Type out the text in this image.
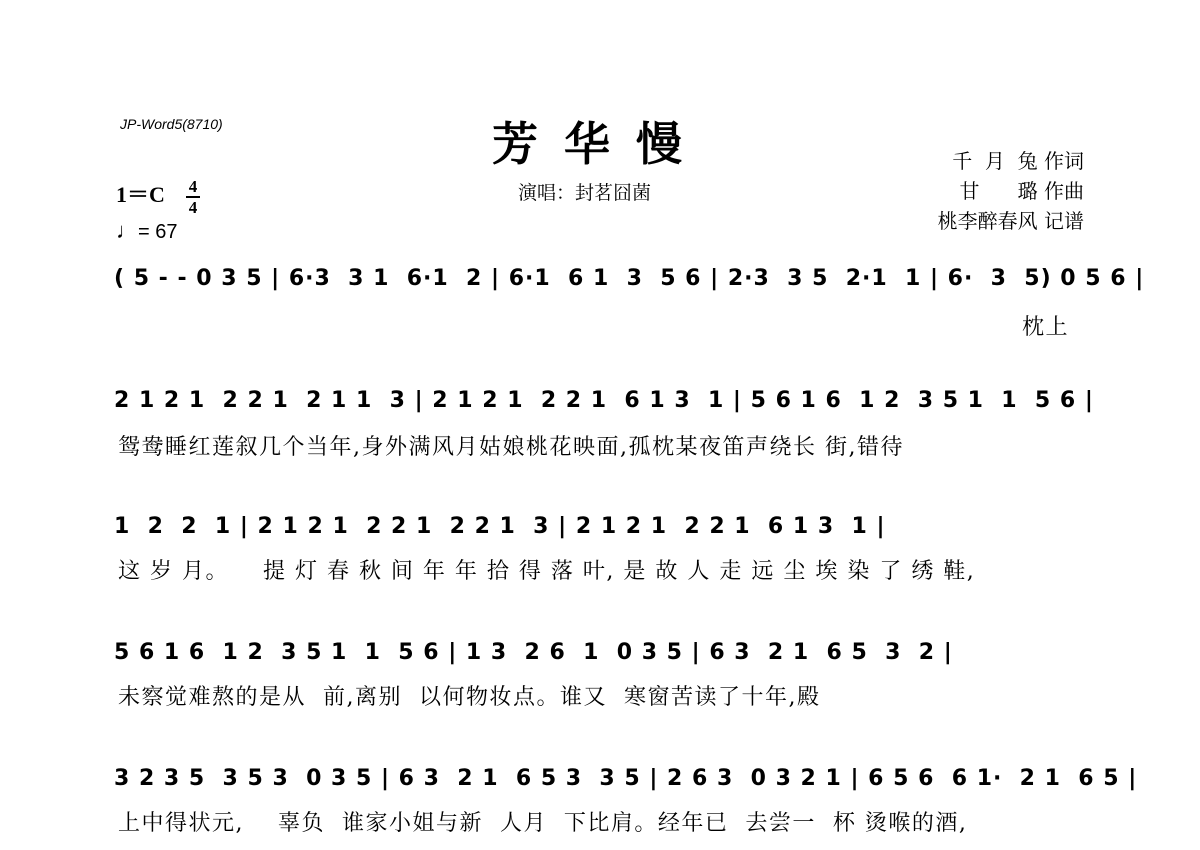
JP-Word5(8710)	芳华慢
演唱：封茗囧菌
千  月  兔 作词
甘      璐 作曲
桃李醉春风 记谱
1＝C 4
4
♩= 67
( 5 - - 0 3 5 | 6·3  3 1  6·1  2 | 6·1  6 1  3  5 6 | 2·3  3 5  2·1  1 | 6·  3  5) 0 5 6 |
枕上
2 1 2 1  2 2 1  2 1 1  3 | 2 1 2 1  2 2 1  6 1 3  1 | 5 6 1 6  1 2  3 5 1  1  5 6 |
鸳鸯睡红莲叙几个当年,身外满风月姑娘桃花映面,孤枕某夜笛声绕长 街,错待
1  2  2  1 | 2 1 2 1  2 2 1  2 2 1  3 | 2 1 2 1  2 2 1  6 1 3  1 |
这 岁 月。    提 灯 春 秋 间 年 年 拾 得 落 叶, 是 故 人 走 远 尘 埃 染 了 绣 鞋,
5 6 1 6  1 2  3 5 1  1  5 6 | 1 3  2 6  1  0 3 5 | 6 3  2 1  6 5  3  2 |
未察觉难熬的是从  前,离别  以何物妆点。谁又  寒窗苦读了十年,殿
3 2 3 5  3 5 3  0 3 5 | 6 3  2 1  6 5 3  3 5 | 2 6 3  0 3 2 1 | 6 5 6  6 1·  2 1  6 5 |
上中得状元,    辜负  谁家小姐与新  人月  下比肩。经年已  去尝一  杯 烫喉的酒,
